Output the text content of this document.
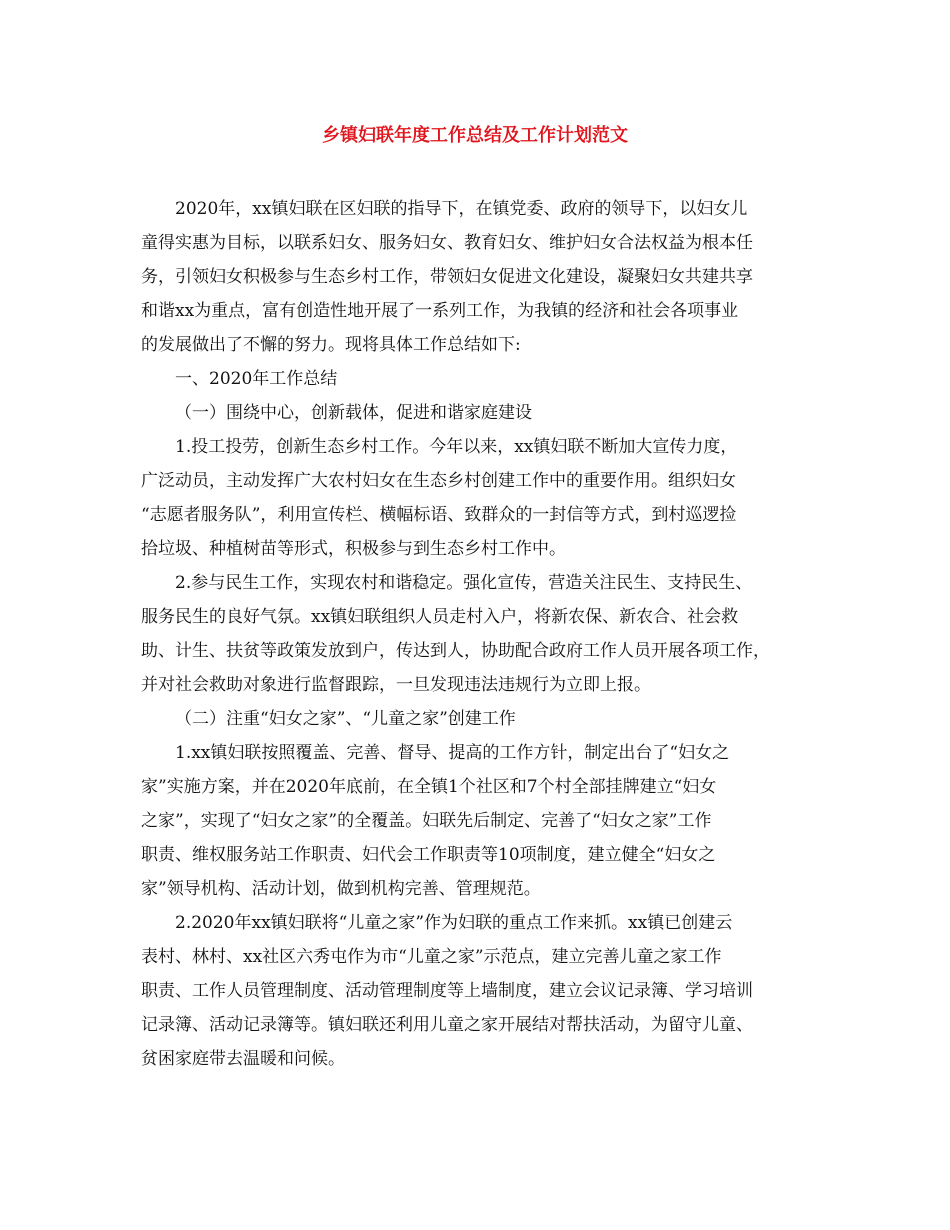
乡镇妇联年度工作总结及工作计划范文
2020年，xx镇妇联在区妇联的指导下，在镇党委、政府的领导下，以妇女儿
童得实惠为目标，以联系妇女、服务妇女、教育妇女、维护妇女合法权益为根本任
务，引领妇女积极参与生态乡村工作，带领妇女促进文化建设，凝聚妇女共建共享
和谐xx为重点，富有创造性地开展了一系列工作，为我镇的经济和社会各项事业
的发展做出了不懈的努力。现将具体工作总结如下:
一、2020年工作总结
（一）围绕中心，创新载体，促进和谐家庭建设
1.投工投劳，创新生态乡村工作。今年以来，xx镇妇联不断加大宣传力度，
广泛动员，主动发挥广大农村妇女在生态乡村创建工作中的重要作用。组织妇女
“志愿者服务队”，利用宣传栏、横幅标语、致群众的一封信等方式，到村巡逻捡
拾垃圾、种植树苗等形式，积极参与到生态乡村工作中。
2.参与民生工作，实现农村和谐稳定。强化宣传，营造关注民生、支持民生、
服务民生的良好气氛。xx镇妇联组织人员走村入户，将新农保、新农合、社会救
助、计生、扶贫等政策发放到户，传达到人，协助配合政府工作人员开展各项工作，
并对社会救助对象进行监督跟踪，一旦发现违法违规行为立即上报。
（二）注重“妇女之家”、“儿童之家”创建工作
1.xx镇妇联按照覆盖、完善、督导、提高的工作方针，制定出台了“妇女之
家”实施方案，并在2020年底前，在全镇1个社区和7个村全部挂牌建立“妇女
之家”，实现了“妇女之家”的全覆盖。妇联先后制定、完善了“妇女之家”工作
职责、维权服务站工作职责、妇代会工作职责等10项制度，建立健全“妇女之
家”领导机构、活动计划，做到机构完善、管理规范。
2.2020年xx镇妇联将“儿童之家”作为妇联的重点工作来抓。xx镇已创建云
表村、林村、xx社区六秀屯作为市“儿童之家”示范点，建立完善儿童之家工作
职责、工作人员管理制度、活动管理制度等上墙制度，建立会议记录簿、学习培训
记录簿、活动记录簿等。镇妇联还利用儿童之家开展结对帮扶活动，为留守儿童、
贫困家庭带去温暖和问候。
